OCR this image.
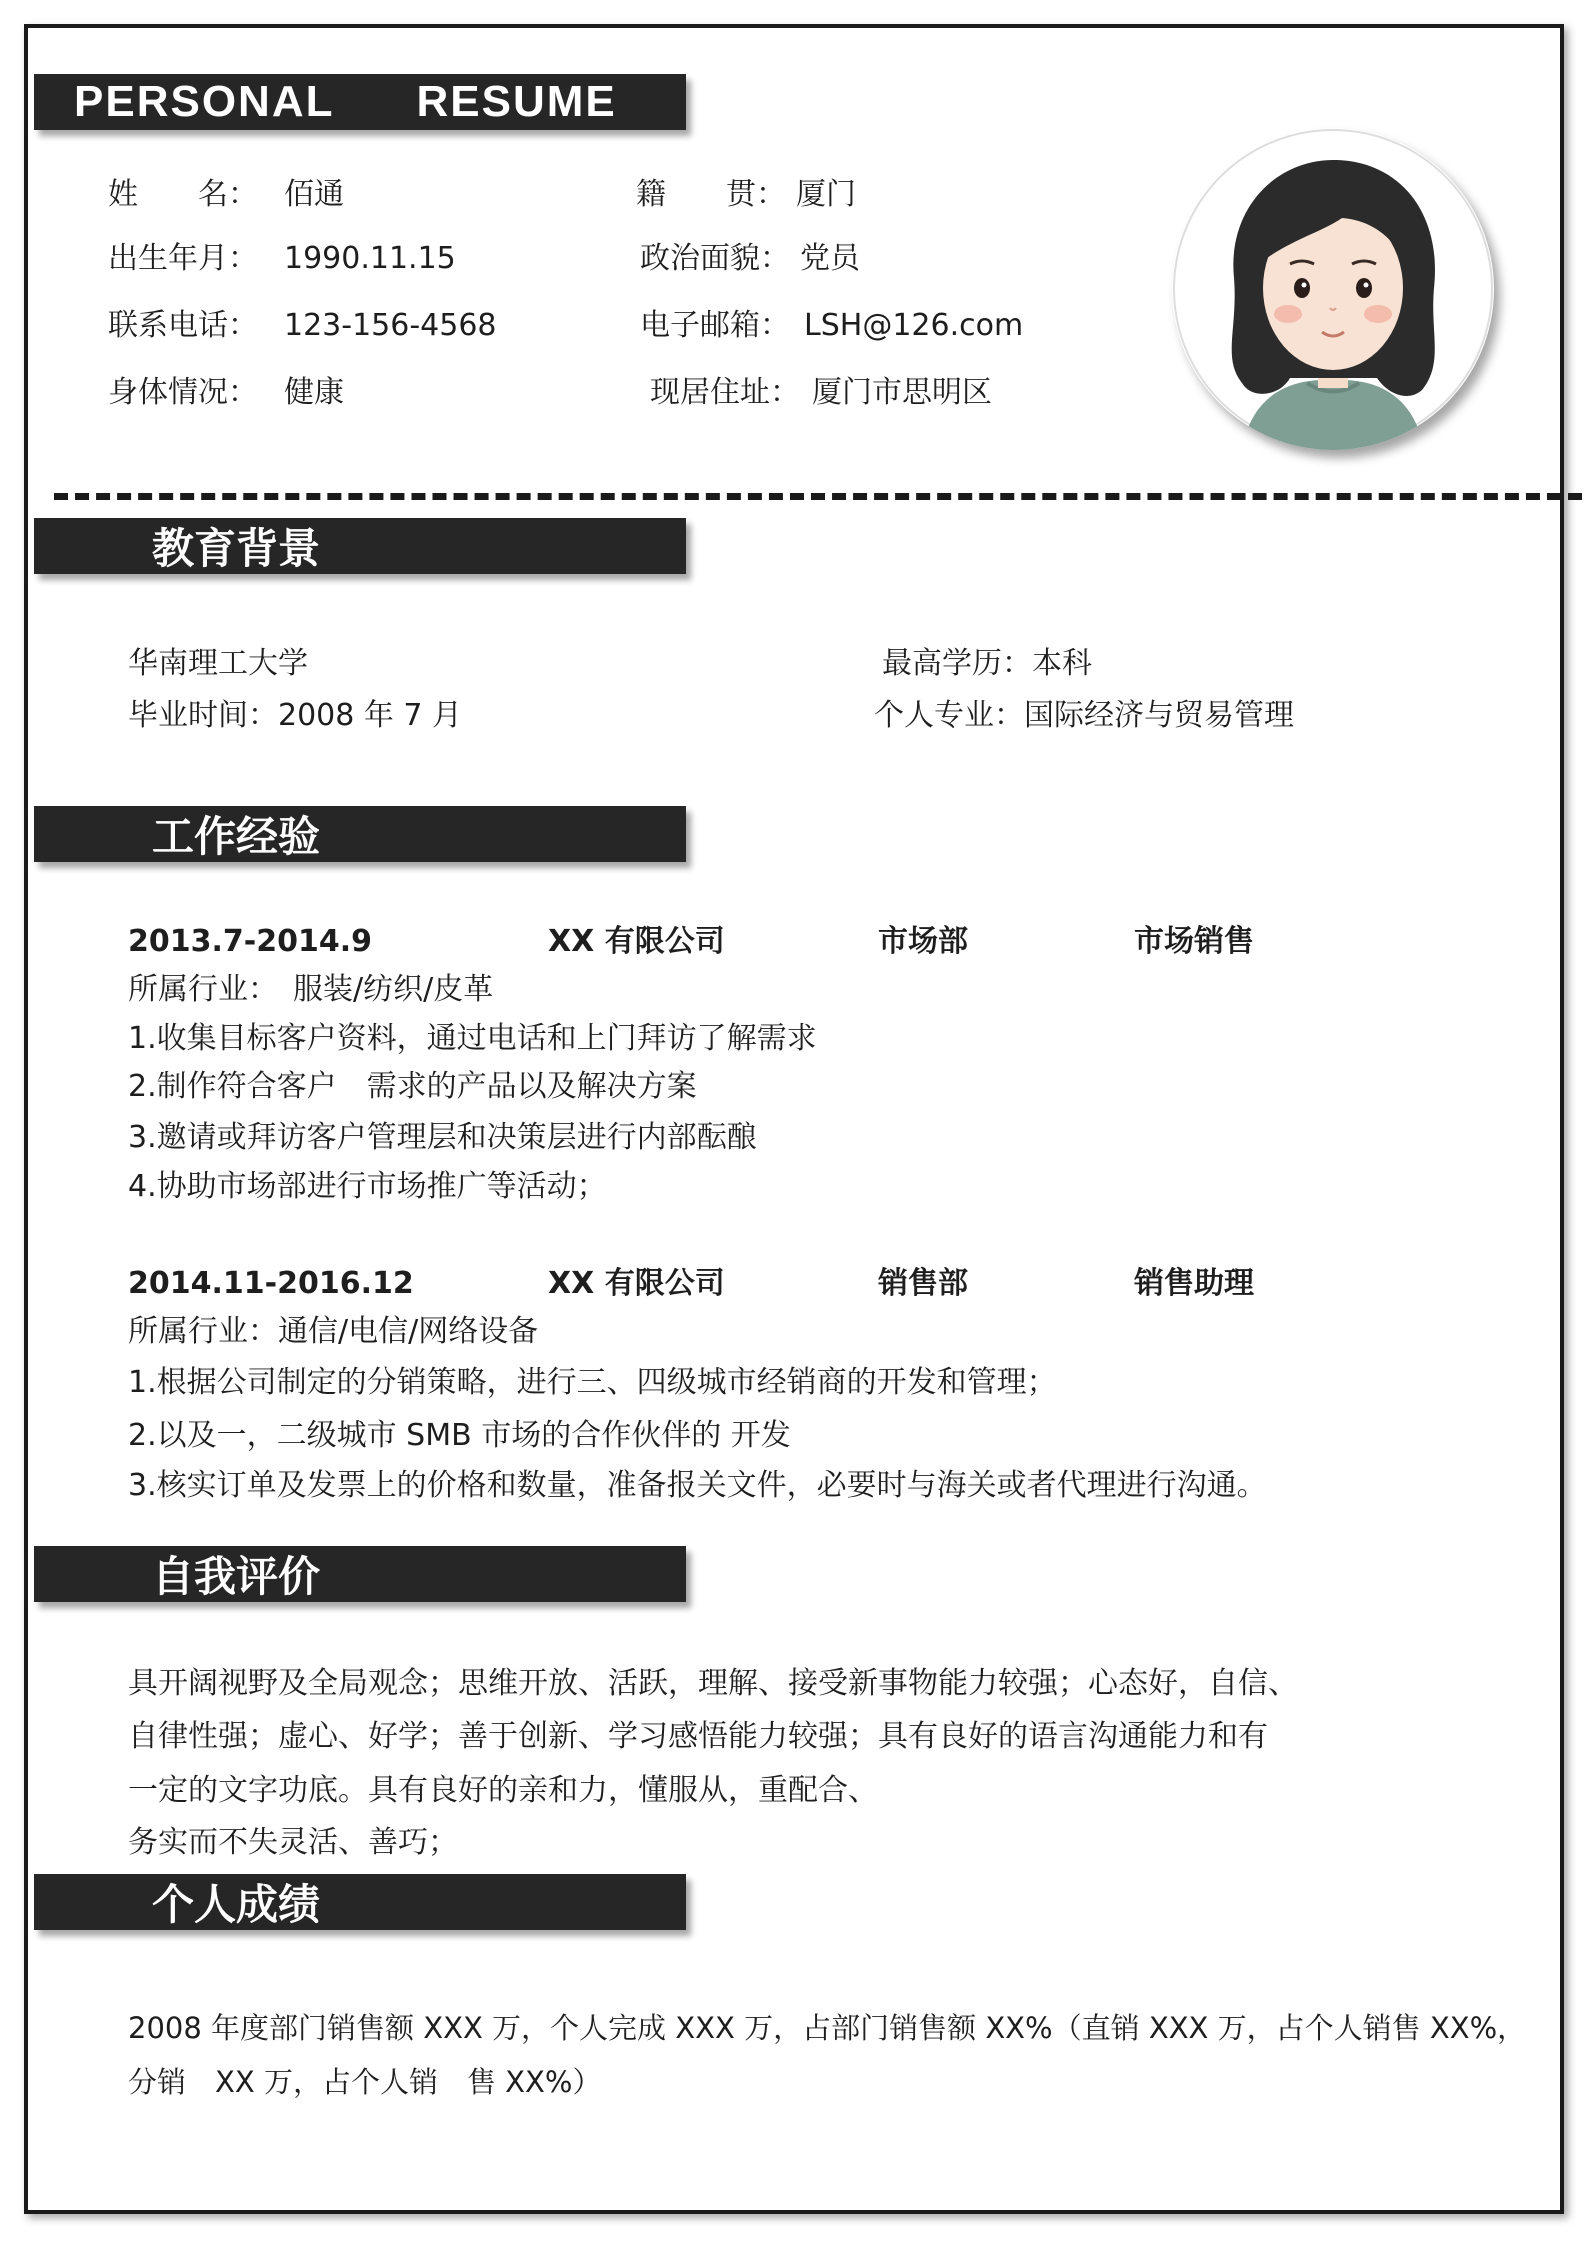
PERSONAL RESUME
姓　　名： 佰通	籍　　贯： 厦门
出生年月： 1990.11.15	政治面貌： 党员
联系电话： 123-156-4568	电子邮箱： LSH@126.com
身体情况： 健康	现居住址： 厦门市思明区
教育背景
华南理工大学	最高学历：本科
毕业时间：2008 年 7 月	个人专业：国际经济与贸易管理
工作经验
2013.7-2014.9	XX 有限公司	市场部	市场销售
所属行业：　服装/纺织/皮革
1.收集目标客户资料，通过电话和上门拜访了解需求
2.制作符合客户　需求的产品以及解决方案
3.邀请或拜访客户管理层和决策层进行内部酝酿
4.协助市场部进行市场推广等活动；
2014.11-2016.12	XX 有限公司	销售部	销售助理
所属行业：通信/电信/网络设备
1.根据公司制定的分销策略，进行三、四级城市经销商的开发和管理；
2.以及一，二级城市 SMB 市场的合作伙伴的 开发
3.核实订单及发票上的价格和数量，准备报关文件，必要时与海关或者代理进行沟通。
自我评价
具开阔视野及全局观念；思维开放、活跃，理解、接受新事物能力较强；心态好，自信、
自律性强；虚心、好学；善于创新、学习感悟能力较强；具有良好的语言沟通能力和有
一定的文字功底。具有良好的亲和力，懂服从，重配合、
务实而不失灵活、善巧；
个人成绩
2008 年度部门销售额 XXX 万，个人完成 XXX 万，占部门销售额 XX%（直销 XXX 万，占个人销售 XX%，
分销　XX 万，占个人销　售 XX%）
